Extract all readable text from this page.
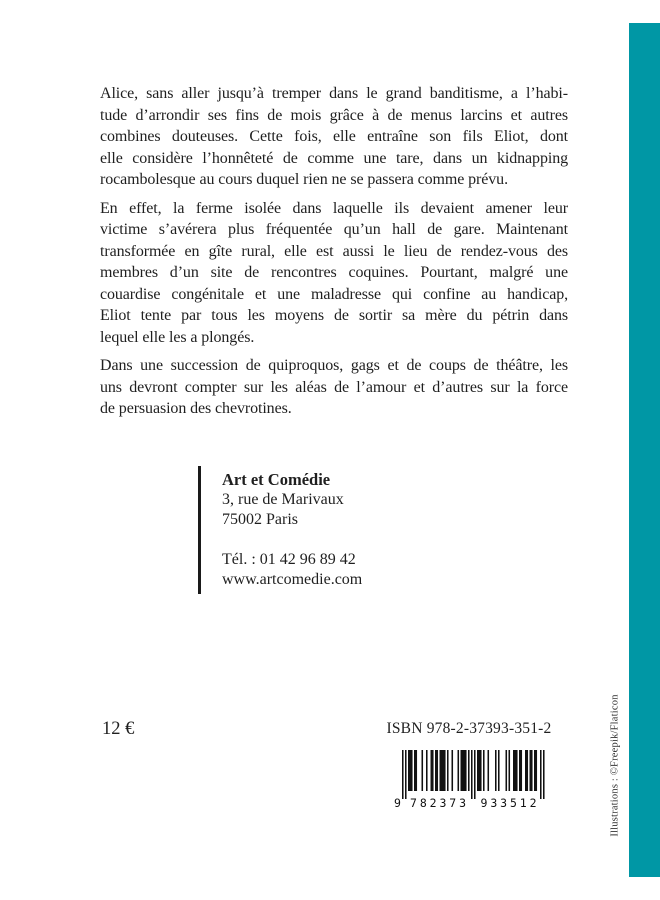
Alice, sans aller jusqu’à tremper dans le grand banditisme, a l’habi-
tude d’arrondir ses fins de mois grâce à de menus larcins et autres
combines douteuses. Cette fois, elle entraîne son fils Eliot, dont
elle considère l’honnêteté de comme une tare, dans un kidnapping
rocambolesque au cours duquel rien ne se passera comme prévu.
En effet, la ferme isolée dans laquelle ils devaient amener leur
victime s’avérera plus fréquentée qu’un hall de gare. Maintenant
transformée en gîte rural, elle est aussi le lieu de rendez-vous des
membres d’un site de rencontres coquines. Pourtant, malgré une
couardise congénitale et une maladresse qui confine au handicap,
Eliot tente par tous les moyens de sortir sa mère du pétrin dans
lequel elle les a plongés.
Dans une succession de quiproquos, gags et de coups de théâtre, les
uns devront compter sur les aléas de l’amour et d’autres sur la force
de persuasion des chevrotines.
Art et Comédie
3, rue de Marivaux
75002 Paris
Tél. : 01 42 96 89 42
www.artcomedie.com
12 €	ISBN 978-2-37393-351-2
9 782373 933512	Illustrations : ©Freepik/Flaticon
